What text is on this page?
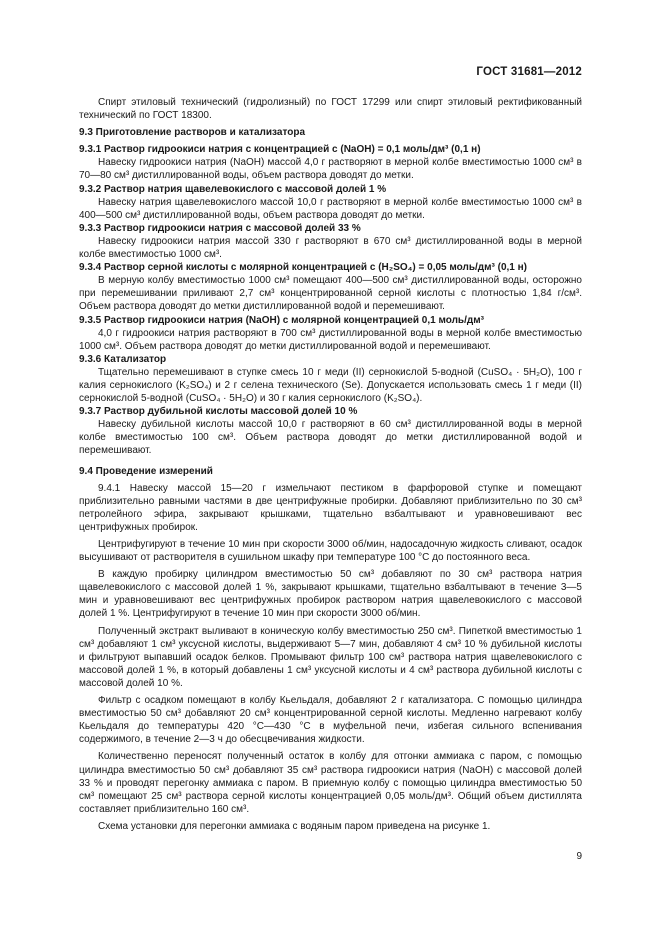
ГОСТ 31681—2012

Спирт этиловый технический (гидролизный) по ГОСТ 17299 или спирт этиловый ректификованный технический по ГОСТ 18300.

9.3 Приготовление растворов и катализатора
9.3.1 Раствор гидроокиси натрия с концентрацией c (NaOH) = 0,1 моль/дм³ (0,1 н)

Навеску гидроокиси натрия (NaOH) массой 4,0 г растворяют в мерной колбе вместимостью 1000 см³ в 70—80 см³ дистиллированной воды, объем раствора доводят до метки.

9.3.2 Раствор натрия щавелевокислого с массовой долей 1 %

Навеску натрия щавелевокислого массой 10,0 г растворяют в мерной колбе вместимостью 1000 см³ в 400—500 см³ дистиллированной воды, объем раствора доводят до метки.

9.3.3 Раствор гидроокиси натрия с массовой долей 33 %

Навеску гидроокиси натрия массой 330 г растворяют в 670 см³ дистиллированной воды в мерной колбе вместимостью 1000 см³.

9.3.4 Раствор серной кислоты с молярной концентрацией c (H₂SO₄) = 0,05 моль/дм³ (0,1 н)

В мерную колбу вместимостью 1000 см³ помещают 400—500 см³ дистиллированной воды, осторожно при перемешивании приливают 2,7 см³ концентрированной серной кислоты с плотностью 1,84 г/см³. Объем раствора доводят до метки дистиллированной водой и перемешивают.

9.3.5 Раствор гидроокиси натрия (NaOH) с молярной концентрацией 0,1 моль/дм³

4,0 г гидроокиси натрия растворяют в 700 см³ дистиллированной воды в мерной колбе вместимостью 1000 см³. Объем раствора доводят до метки дистиллированной водой и перемешивают.

9.3.6 Катализатор

Тщательно перемешивают в ступке смесь 10 г меди (II) сернокислой 5-водной (CuSO₄ · 5H₂O), 100 г калия сернокислого (K₂SO₄) и 2 г селена технического (Se). Допускается использовать смесь 1 г меди (II) сернокислой 5-водной (CuSO₄ · 5H₂O) и 30 г калия сернокислого (K₂SO₄).

9.3.7 Раствор дубильной кислоты массовой долей 10 %

Навеску дубильной кислоты массой 10,0 г растворяют в 60 см³ дистиллированной воды в мерной колбе вместимостью 100 см³. Объем раствора доводят до метки дистиллированной водой и перемешивают.

9.4 Проведение измерений

9.4.1 Навеску массой 15—20 г измельчают пестиком в фарфоровой ступке и помещают приблизительно равными частями в две центрифужные пробирки. Добавляют приблизительно по 30 см³ петролейного эфира, закрывают крышками, тщательно взбалтывают и уравновешивают вес центрифужных пробирок.

Центрифугируют в течение 10 мин при скорости 3000 об/мин, надосадочную жидкость сливают, осадок высушивают от растворителя в сушильном шкафу при температуре 100 °С до постоянного веса.

В каждую пробирку цилиндром вместимостью 50 см³ добавляют по 30 см³ раствора натрия щавелевокислого с массовой долей 1 %, закрывают крышками, тщательно взбалтывают в течение 3—5 мин и уравновешивают вес центрифужных пробирок раствором натрия щавелевокислого с массовой долей 1 %. Центрифугируют в течение 10 мин при скорости 3000 об/мин.

Полученный экстракт выливают в коническую колбу вместимостью 250 см³. Пипеткой вместимостью 1 см³ добавляют 1 см³ уксусной кислоты, выдерживают 5—7 мин, добавляют 4 см³ 10 % дубильной кислоты и фильтруют выпавший осадок белков. Промывают фильтр 100 см³ раствора натрия щавелевокислого с массовой долей 1 %, в который добавлены 1 см³ уксусной кислоты и 4 см³ раствора дубильной кислоты с массовой долей 10 %.

Фильтр с осадком помещают в колбу Кьельдаля, добавляют 2 г катализатора. С помощью цилиндра вместимостью 50 см³ добавляют 20 см³ концентрированной серной кислоты. Медленно нагревают колбу Кьельдаля до температуры 420 °С—430 °С в муфельной печи, избегая сильного вспенивания содержимого, в течение 2—3 ч до обесцвечивания жидкости.

Количественно переносят полученный остаток в колбу для отгонки аммиака с паром, с помощью цилиндра вместимостью 50 см³ добавляют 35 см³ раствора гидроокиси натрия (NaOH) с массовой долей 33 % и проводят перегонку аммиака с паром. В приемную колбу с помощью цилиндра вместимостью 50 см³ помещают 25 см³ раствора серной кислоты концентрацией 0,05 моль/дм³. Общий объем дистиллята составляет приблизительно 160 см³.

Схема установки для перегонки аммиака с водяным паром приведена на рисунке 1.

9
